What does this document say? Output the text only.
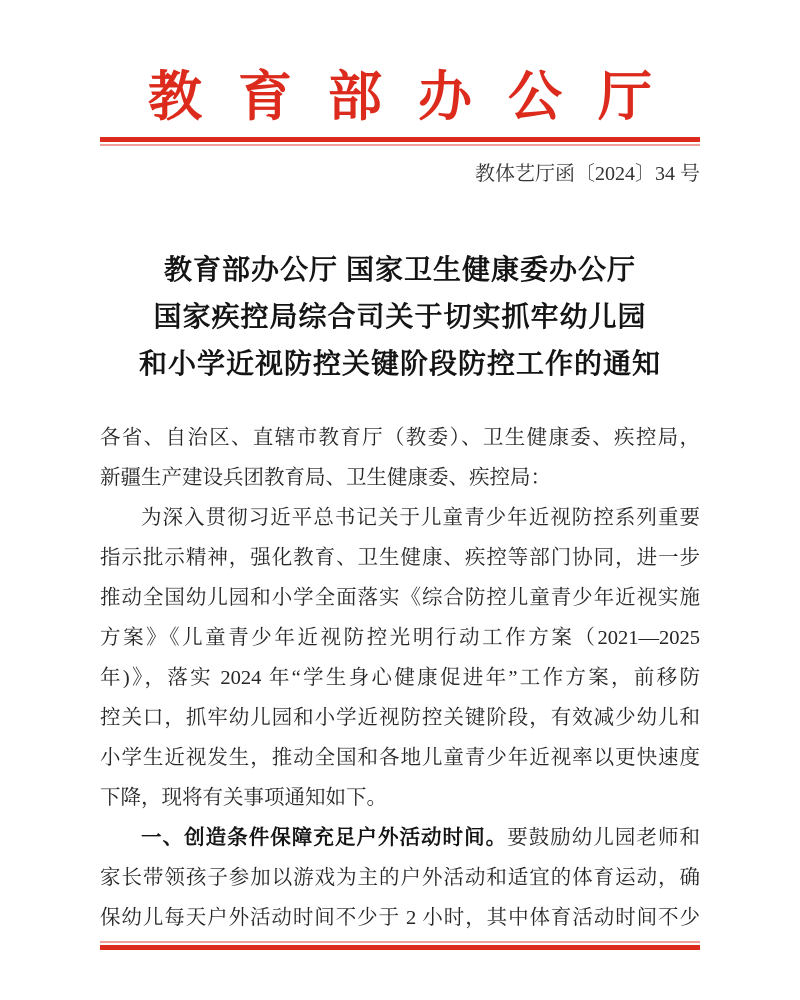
教育部办公厅
教体艺厅函〔2024〕34 号

教育部办公厅 国家卫生健康委办公厅

国家疾控局综合司关于切实抓牢幼儿园

和小学近视防控关键阶段防控工作的通知

各省、自治区、直辖市教育厅（教委）、卫生健康委、疾控局，

新疆生产建设兵团教育局、卫生健康委、疾控局：

为深入贯彻习近平总书记关于儿童青少年近视防控系列重要

指示批示精神，强化教育、卫生健康、疾控等部门协同，进一步

推动全国幼儿园和小学全面落实《综合防控儿童青少年近视实施

方案》《儿童青少年近视防控光明行动工作方案（2021—2025

年)》，落实 2024 年“学生身心健康促进年”工作方案，前移防

控关口，抓牢幼儿园和小学近视防控关键阶段，有效减少幼儿和

小学生近视发生，推动全国和各地儿童青少年近视率以更快速度

下降，现将有关事项通知如下。

一、创造条件保障充足户外活动时间。要鼓励幼儿园老师和

家长带领孩子参加以游戏为主的户外活动和适宜的体育运动，确

保幼儿每天户外活动时间不少于 2 小时，其中体育活动时间不少
